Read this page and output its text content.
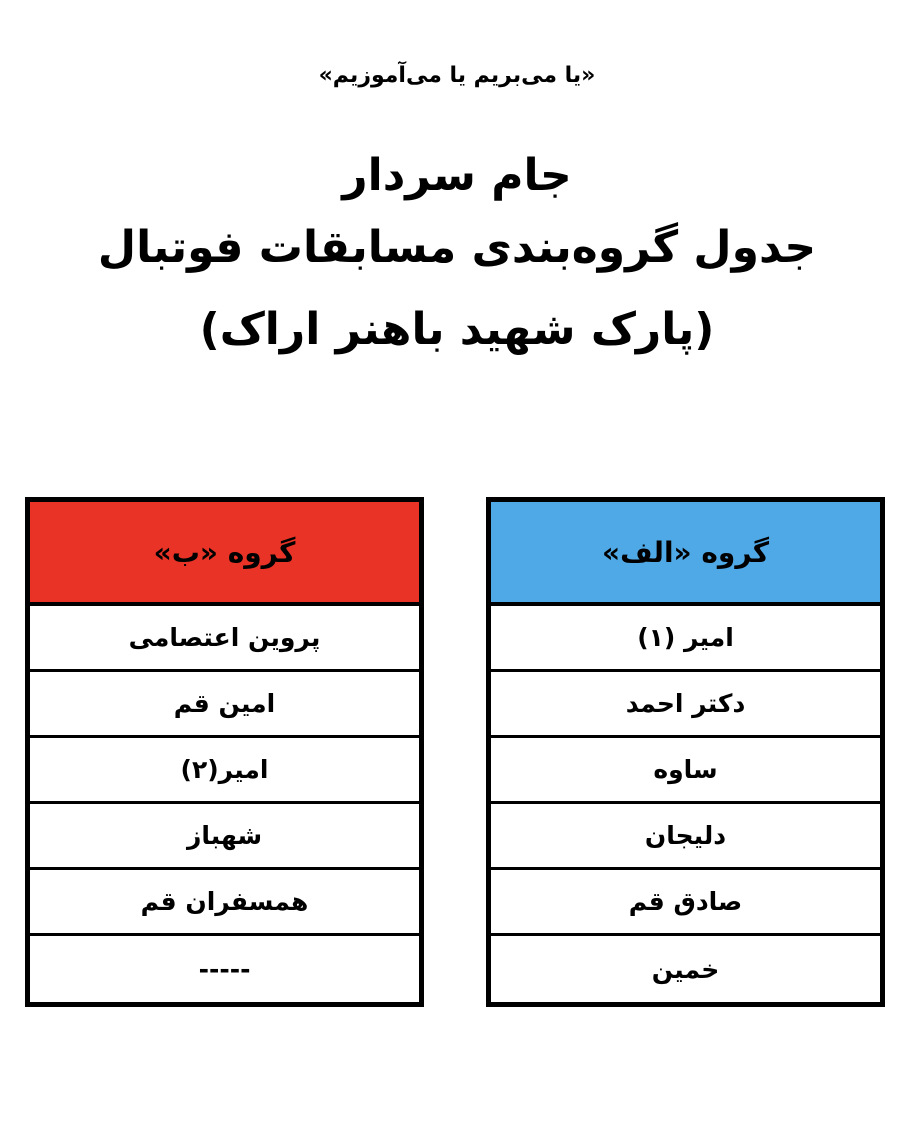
«یا می‌بریم یا می‌آموزیم»
جام سردار
جدول گروه‌بندی مسابقات فوتبال
(پارک شهید باهنر اراک)
گروه «الف»
امیر (۱)
دکتر احمد
ساوه
دلیجان
صادق قم
خمین
گروه «ب»
پروین اعتصامی
امین قم
امیر(۲)
شهباز
همسفران قم
-----
